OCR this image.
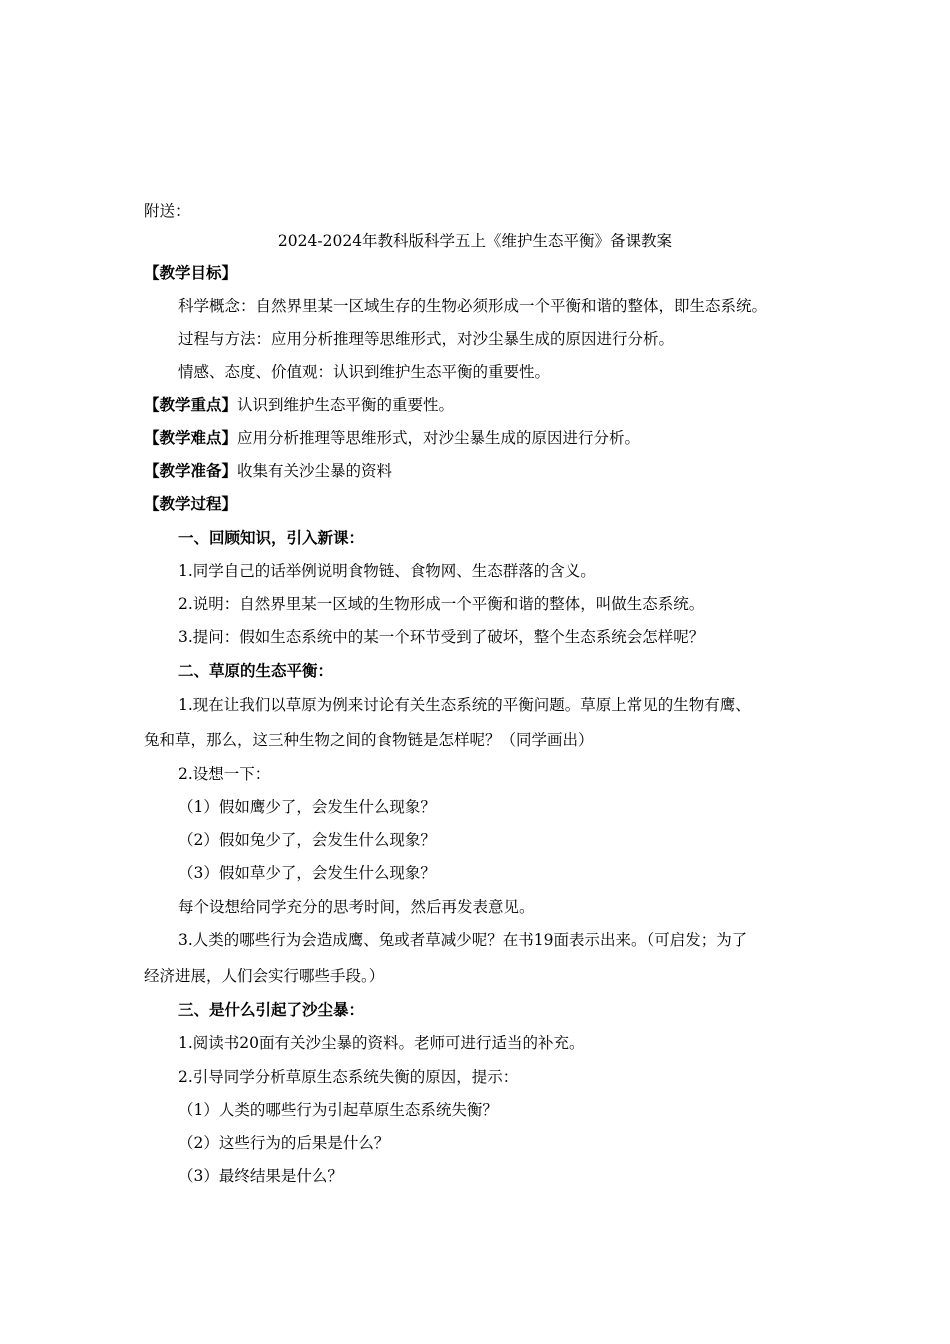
附送：
2024-2024年教科版科学五上《维护生态平衡》备课教案
【教学目标】
科学概念：自然界里某一区域生存的生物必须形成一个平衡和谐的整体，即生态系统。
过程与方法：应用分析推理等思维形式，对沙尘暴生成的原因进行分析。
情感、态度、价值观：认识到维护生态平衡的重要性。
【教学重点】认识到维护生态平衡的重要性。
【教学难点】应用分析推理等思维形式，对沙尘暴生成的原因进行分析。
【教学准备】收集有关沙尘暴的资料
【教学过程】
一、回顾知识，引入新课：
1.同学自己的话举例说明食物链、食物网、生态群落的含义。
2.说明：自然界里某一区域的生物形成一个平衡和谐的整体，叫做生态系统。
3.提问：假如生态系统中的某一个环节受到了破坏，整个生态系统会怎样呢？
二、草原的生态平衡：
1.现在让我们以草原为例来讨论有关生态系统的平衡问题。草原上常见的生物有鹰、
兔和草，那么，这三种生物之间的食物链是怎样呢？（同学画出）
2.设想一下：
（1）假如鹰少了，会发生什么现象？
（2）假如兔少了，会发生什么现象？
（3）假如草少了，会发生什么现象？
每个设想给同学充分的思考时间，然后再发表意见。
3.人类的哪些行为会造成鹰、兔或者草减少呢？在书19面表示出来。（可启发；为了
经济进展，人们会实行哪些手段。）
三、是什么引起了沙尘暴：
1.阅读书20面有关沙尘暴的资料。老师可进行适当的补充。
2.引导同学分析草原生态系统失衡的原因，提示：
（1）人类的哪些行为引起草原生态系统失衡？
（2）这些行为的后果是什么？
（3）最终结果是什么？
